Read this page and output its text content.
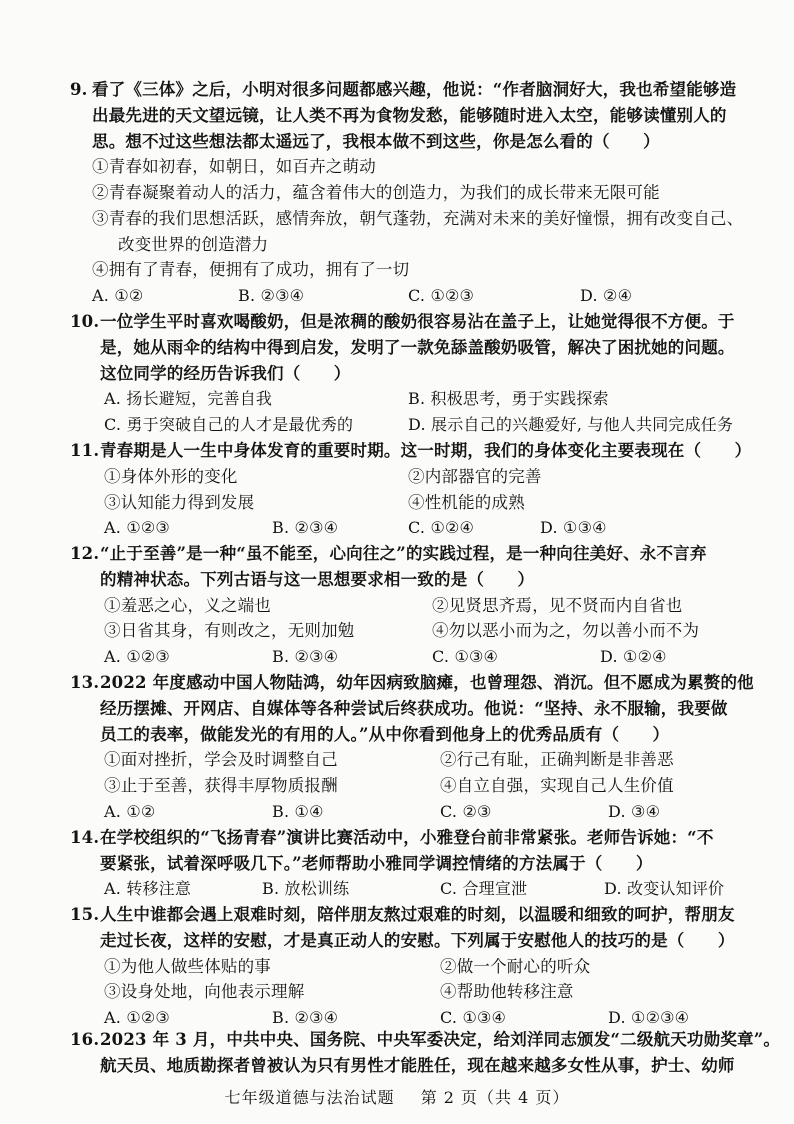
9. 看了《三体》之后，小明对很多问题都感兴趣，他说：“作者脑洞好大，我也希望能够造
出最先进的天文望远镜，让人类不再为食物发愁，能够随时进入太空，能够读懂别人的
思。想不过这些想法都太遥远了，我根本做不到这些，你是怎么看的（　　）
①青春如初春，如朝日，如百卉之萌动
②青春凝聚着动人的活力，蕴含着伟大的创造力，为我们的成长带来无限可能
③青春的我们思想活跃，感情奔放，朝气蓬勃，充满对未来的美好憧憬，拥有改变自己、
改变世界的创造潜力
④拥有了青春，便拥有了成功，拥有了一切
A. ①②	B. ②③④	C. ①②③	D. ②④
10. 一位学生平时喜欢喝酸奶，但是浓稠的酸奶很容易沾在盖子上，让她觉得很不方便。于
是，她从雨伞的结构中得到启发，发明了一款免舔盖酸奶吸管，解决了困扰她的问题。
这位同学的经历告诉我们（　　）
A. 扬长避短，完善自我	B. 积极思考，勇于实践探索
C. 勇于突破自己的人才是最优秀的	D. 展示自己的兴趣爱好, 与他人共同完成任务
11. 青春期是人一生中身体发育的重要时期。这一时期，我们的身体变化主要表现在（　　）
①身体外形的变化	②内部器官的完善
③认知能力得到发展	④性机能的成熟
A. ①②③	B. ②③④	C. ①②④	D. ①③④
12. “止于至善”是一种“虽不能至，心向往之”的实践过程，是一种向往美好、永不言弃
的精神状态。下列古语与这一思想要求相一致的是（　　）
①羞恶之心，义之端也	②见贤思齐焉，见不贤而内自省也
③日省其身，有则改之，无则加勉	④勿以恶小而为之，勿以善小而不为
A. ①②③	B. ②③④	C. ①③④	D. ①②④
13. 2022 年度感动中国人物陆鸿，幼年因病致脑瘫，也曾理怨、消沉。但不愿成为累赘的他
经历摆摊、开网店、自媒体等各种尝试后终获成功。他说：“坚持、永不服输，我要做
员工的表率，做能发光的有用的人。”从中你看到他身上的优秀品质有（　　）
①面对挫折，学会及时调整自己	②行己有耻，正确判断是非善恶
③止于至善，获得丰厚物质报酬	④自立自强，实现自己人生价值
A. ①②	B. ①④	C. ②③	D. ③④
14. 在学校组织的“飞扬青春”演讲比赛活动中，小雅登台前非常紧张。老师告诉她：“不
要紧张，试着深呼吸几下。”老师帮助小雅同学调控情绪的方法属于（　　）
A. 转移注意	B. 放松训练	C. 合理宣泄	D. 改变认知评价
15. 人生中谁都会遇上艰难时刻，陪伴朋友熬过艰难的时刻，以温暖和细致的呵护，帮朋友
走过长夜，这样的安慰，才是真正动人的安慰。下列属于安慰他人的技巧的是（　　）
①为他人做些体贴的事	②做一个耐心的听众
③设身处地，向他表示理解	④帮助他转移注意
A. ①②③	B. ②③④	C. ①③④	D. ①②③④
16. 2023 年 3 月，中共中央、国务院、中央军委决定，给刘洋同志颁发“二级航天功勋奖章”。
航天员、地质勘探者曾被认为只有男性才能胜任，现在越来越多女性从事，护士、幼师
七年级道德与法治试题 第 2 页（共 4 页）
